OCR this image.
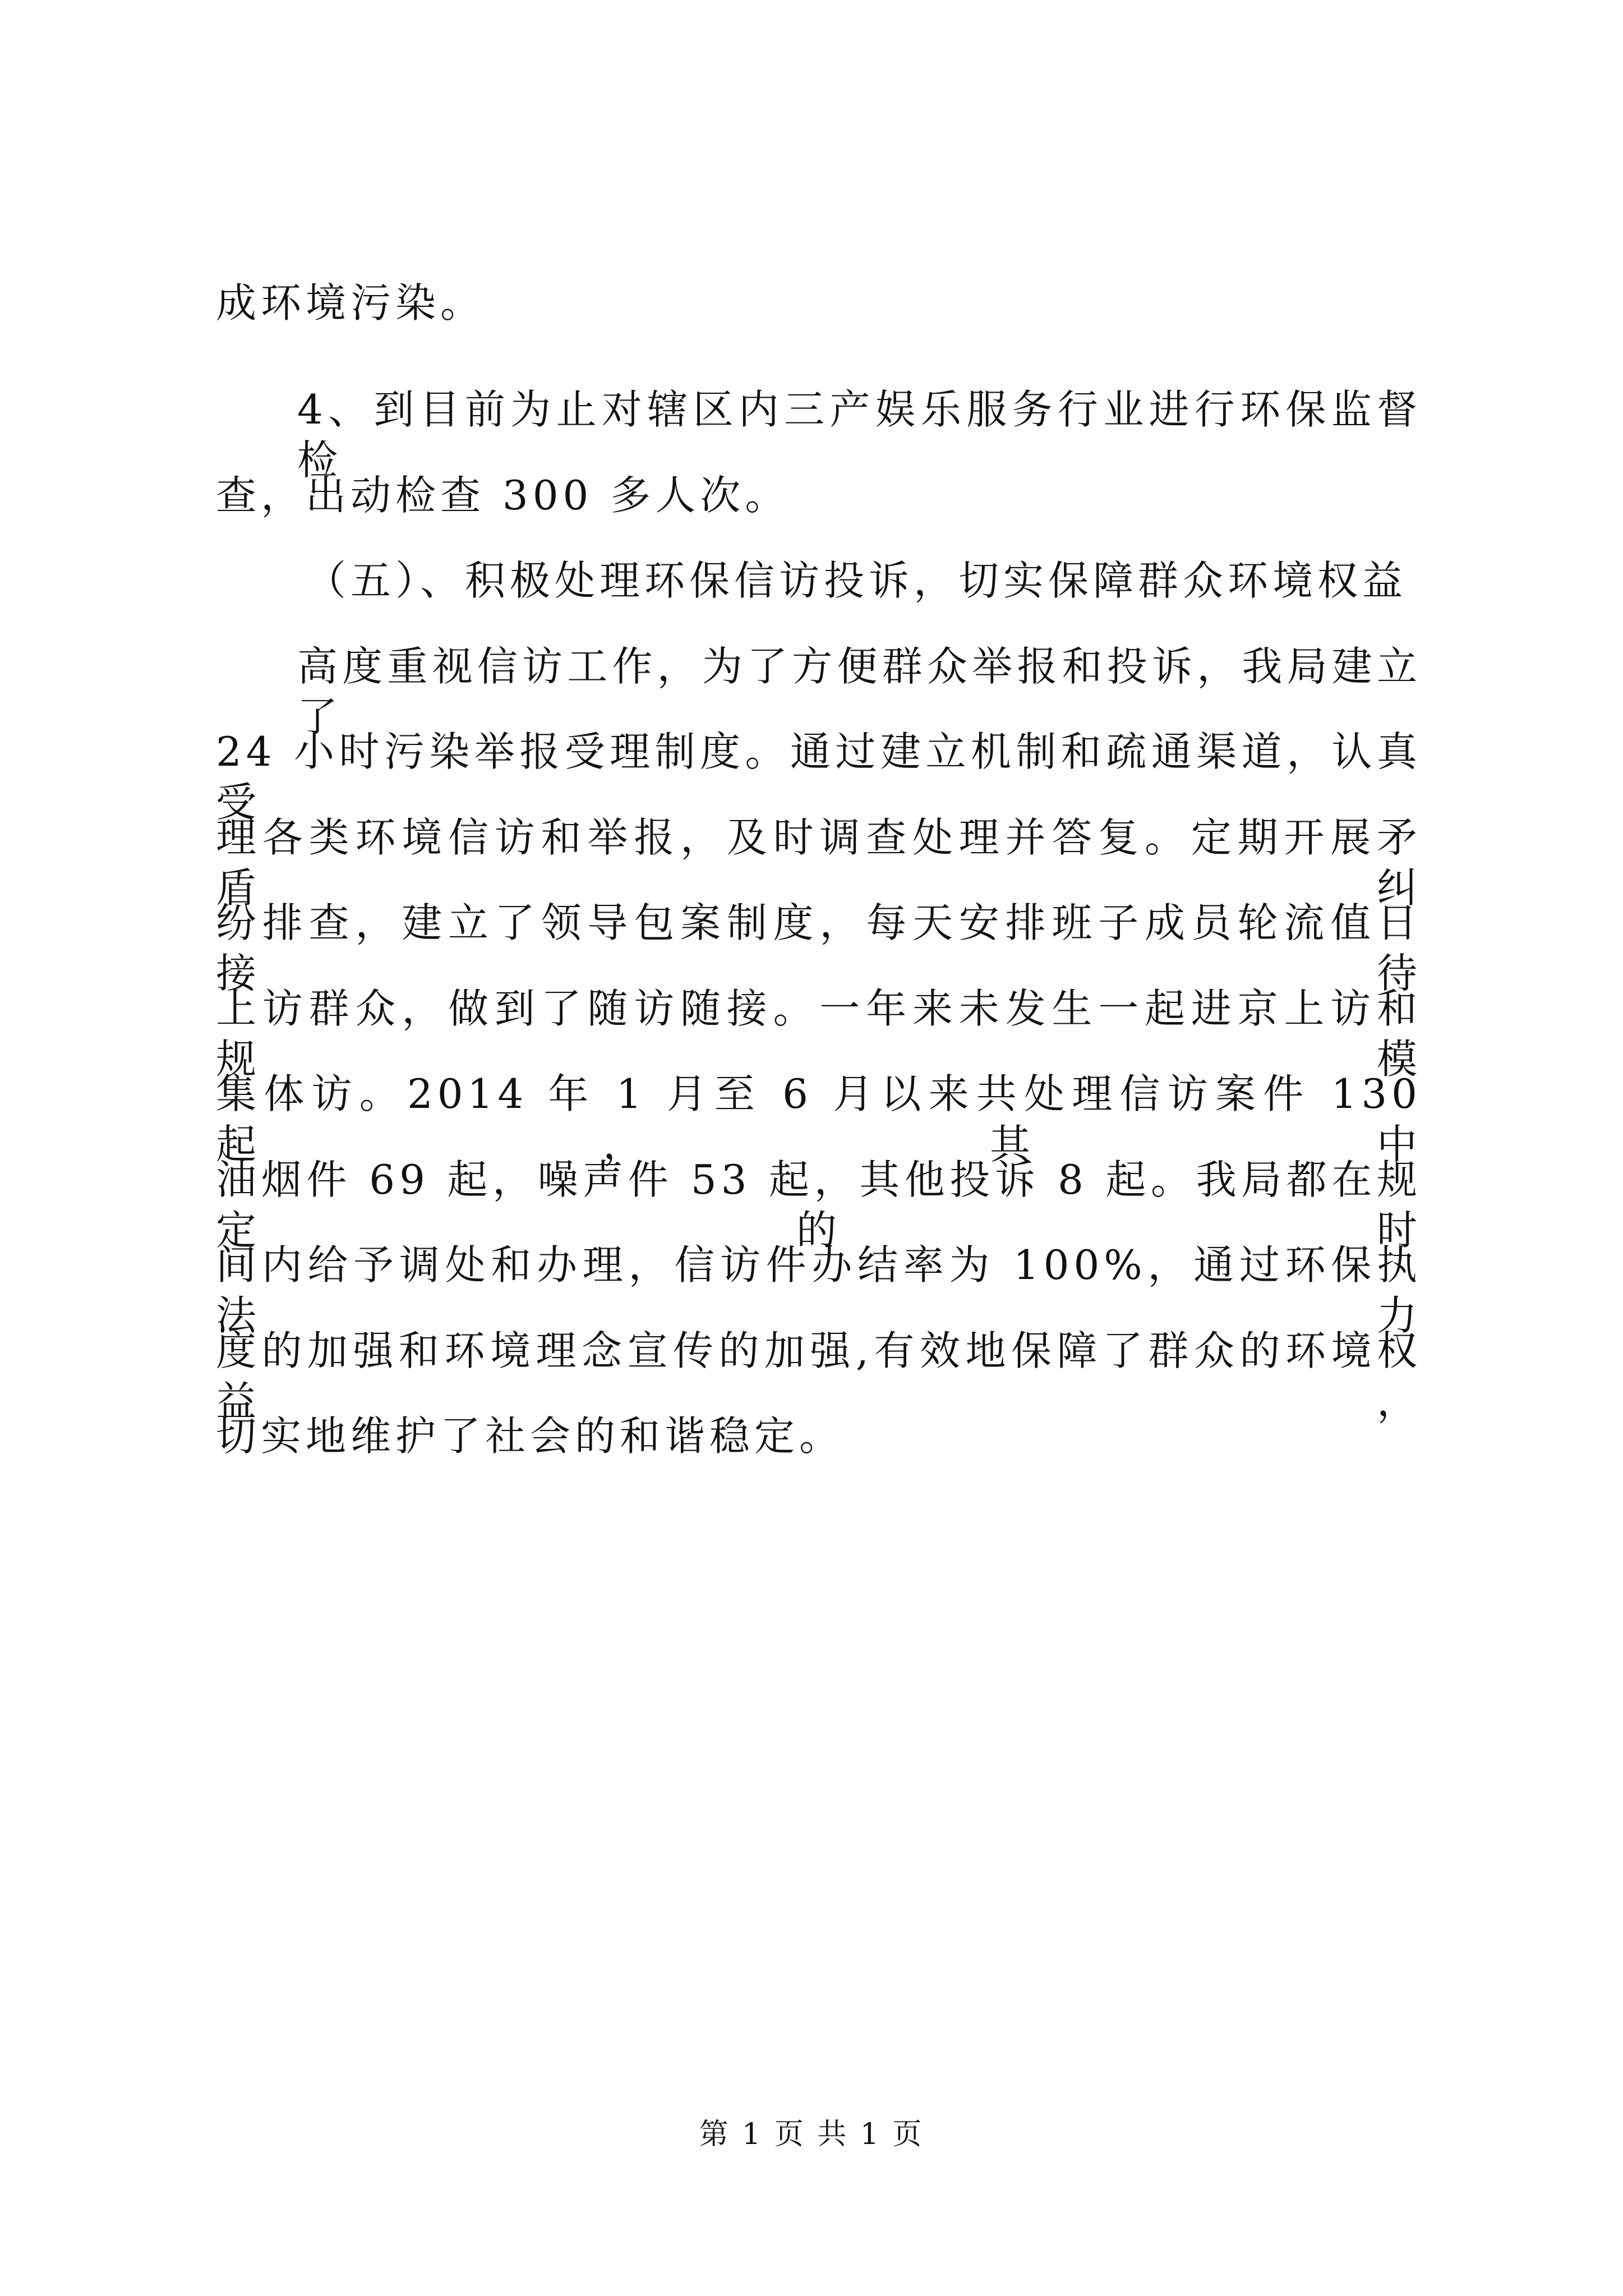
成环境污染。
4、到目前为止对辖区内三产娱乐服务行业进行环保监督检
查，出动检查 300 多人次。
（五）、积极处理环保信访投诉，切实保障群众环境权益
高度重视信访工作，为了方便群众举报和投诉，我局建立了
24 小时污染举报受理制度。通过建立机制和疏通渠道，认真受
理各类环境信访和举报，及时调查处理并答复。定期开展矛盾纠
纷排查，建立了领导包案制度，每天安排班子成员轮流值日接待
上访群众，做到了随访随接。一年来未发生一起进京上访和规模
集体访。2014 年 1 月至 6 月以来共处理信访案件 130 起，其中
油烟件 69 起，噪声件 53 起，其他投诉 8 起。我局都在规定的时
间内给予调处和办理，信访件办结率为 100%，通过环保执法力
度的加强和环境理念宣传的加强,有效地保障了群众的环境权益，
切实地维护了社会的和谐稳定。
第 1 页 共 1 页
